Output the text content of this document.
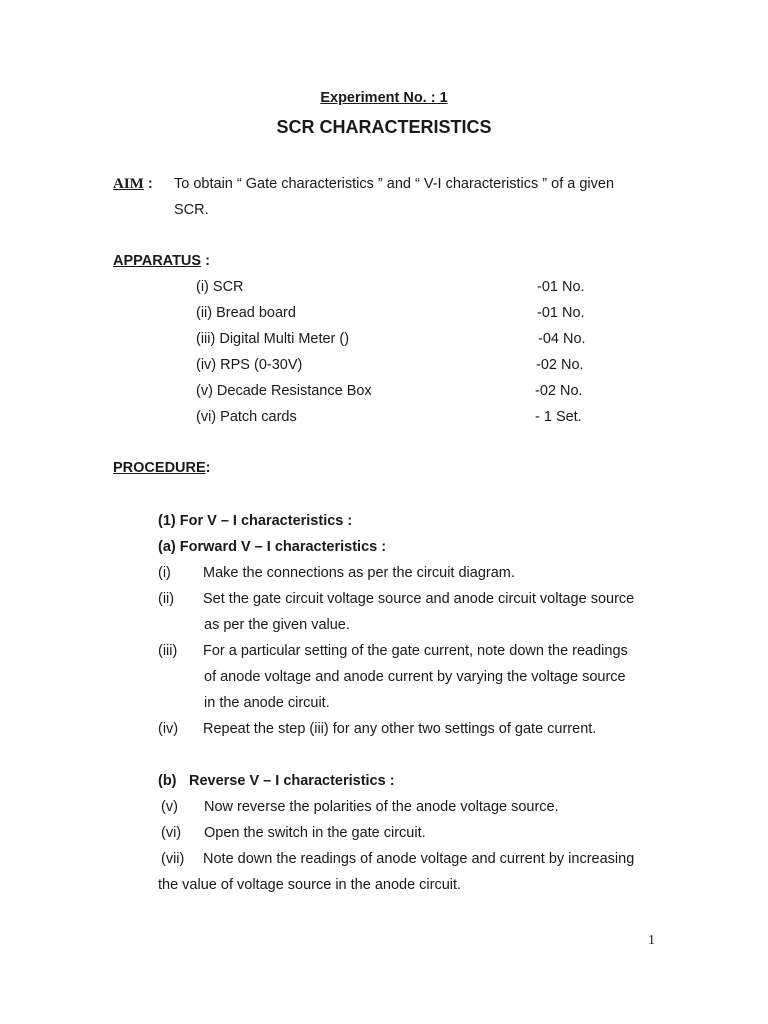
Experiment No. : 1
SCR CHARACTERISTICS
AIM : To obtain “ Gate characteristics ” and “ V-I characteristics ” of a given
SCR.
APPARATUS :
(i) SCR	-01 No.
(ii) Bread board	-01 No.
(iii) Digital Multi Meter ()	-04 No.
(iv) RPS (0-30V)	-02 No.
(v) Decade Resistance Box	-02 No.
(vi) Patch cards	- 1 Set.
PROCEDURE:
(1) For V – I characteristics :
(a) Forward V – I characteristics :
(i) Make the connections as per the circuit diagram.
(ii) Set the gate circuit voltage source and anode circuit voltage source
as per the given value.
(iii) For a particular setting of the gate current, note down the readings
of anode voltage and anode current by varying the voltage source
in the anode circuit.
(iv) Repeat the step (iii) for any other two settings of gate current.
(b) Reverse V – I characteristics :
(v) Now reverse the polarities of the anode voltage source.
(vi) Open the switch in the gate circuit.
(vii) Note down the readings of anode voltage and current by increasing
the value of voltage source in the anode circuit.
1
